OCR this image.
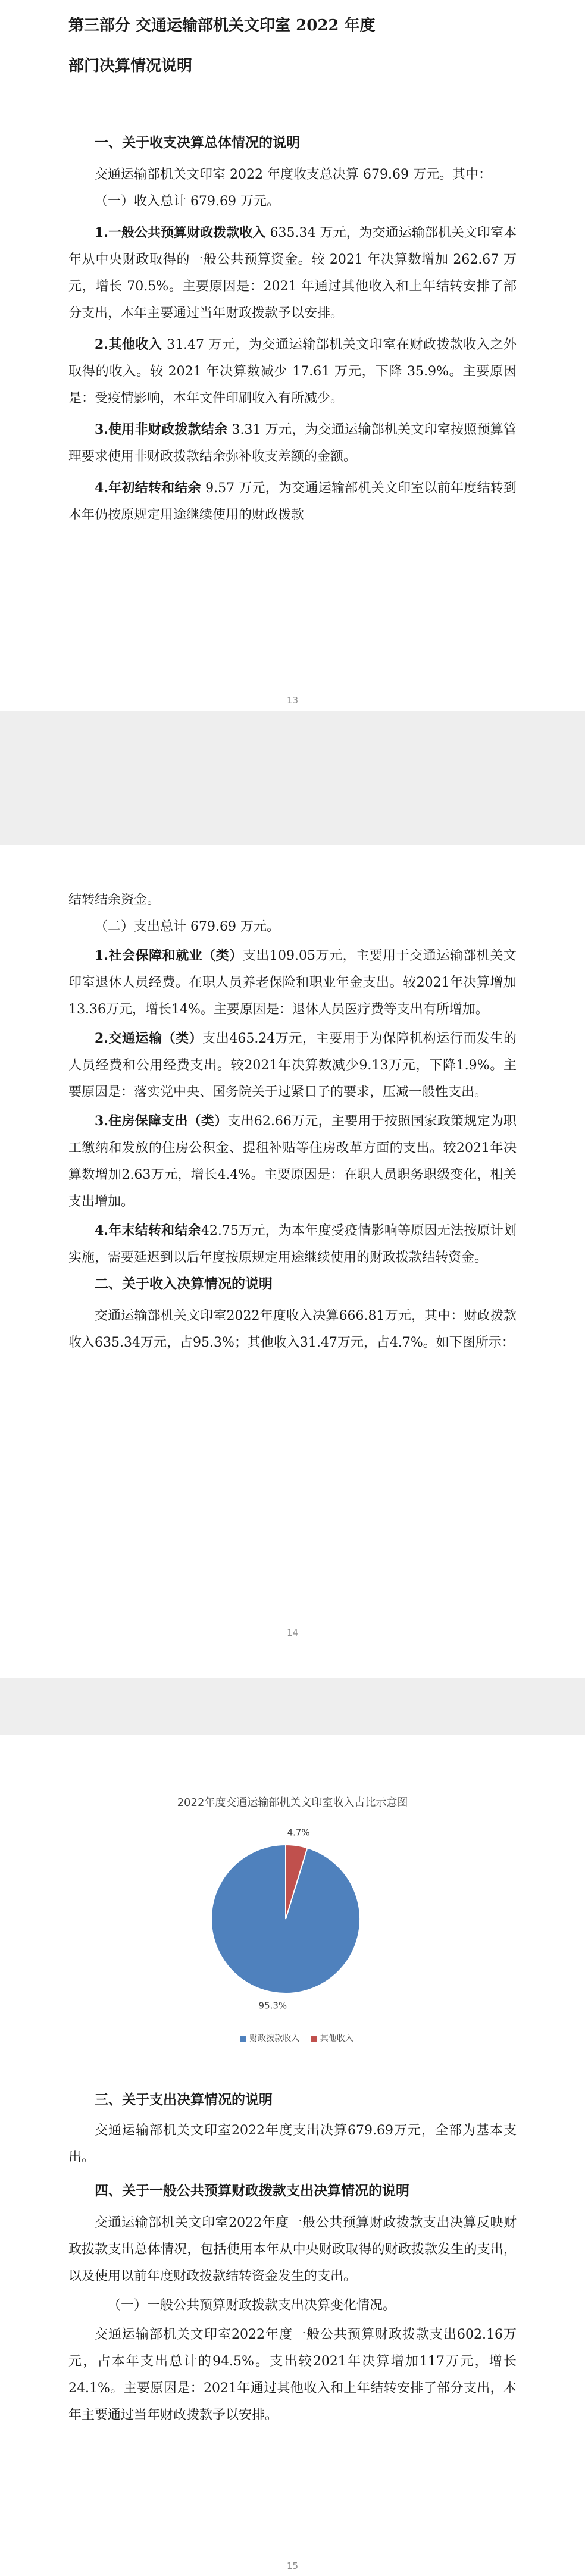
第三部分 交通运输部机关文印室 2022 年度

部门决算情况说明

一、关于收支决算总体情况的说明

交通运输部机关文印室 2022 年度收支总决算 679.69 万元。其中：

（一）收入总计 679.69 万元。

1.一般公共预算财政拨款收入 635.34 万元，为交通运输部机关文印室本年从中央财政取得的一般公共预算资金。较 2021 年决算数增加 262.67 万元，增长 70.5%。主要原因是：2021 年通过其他收入和上年结转安排了部分支出，本年主要通过当年财政拨款予以安排。

2.其他收入 31.47 万元，为交通运输部机关文印室在财政拨款收入之外取得的收入。较 2021 年决算数减少 17.61 万元，下降 35.9%。主要原因是：受疫情影响，本年文件印刷收入有所减少。

3.使用非财政拨款结余 3.31 万元，为交通运输部机关文印室按照预算管理要求使用非财政拨款结余弥补收支差额的金额。

4.年初结转和结余 9.57 万元，为交通运输部机关文印室以前年度结转到本年仍按原规定用途继续使用的财政拨款

13

结转结余资金。

（二）支出总计 679.69 万元。

1.社会保障和就业（类）支出109.05万元，主要用于交通运输部机关文印室退休人员经费。在职人员养老保险和职业年金支出。较2021年决算增加13.36万元，增长14%。主要原因是：退休人员医疗费等支出有所增加。

2.交通运输（类）支出465.24万元，主要用于为保障机构运行而发生的人员经费和公用经费支出。较2021年决算数减少9.13万元，下降1.9%。主要原因是：落实党中央、国务院关于过紧日子的要求，压减一般性支出。

3.住房保障支出（类）支出62.66万元，主要用于按照国家政策规定为职工缴纳和发放的住房公积金、提租补贴等住房改革方面的支出。较2021年决算数增加2.63万元，增长4.4%。主要原因是：在职人员职务职级变化，相关支出增加。

4.年末结转和结余42.75万元，为本年度受疫情影响等原因无法按原计划实施，需要延迟到以后年度按原规定用途继续使用的财政拨款结转资金。

二、关于收入决算情况的说明

交通运输部机关文印室2022年度收入决算666.81万元，其中：财政拨款收入635.34万元，占95.3%；其他收入31.47万元，占4.7%。如下图所示：

14
2022年度交通运输部机关文印室收入占比示意图
95.3%
4.7%
财政拨款收入 其他收入

三、关于支出决算情况的说明

交通运输部机关文印室2022年度支出决算679.69万元，全部为基本支出。

四、关于一般公共预算财政拨款支出决算情况的说明

交通运输部机关文印室2022年度一般公共预算财政拨款支出决算反映财政拨款支出总体情况，包括使用本年从中央财政取得的财政拨款发生的支出，以及使用以前年度财政拨款结转资金发生的支出。

（一）一般公共预算财政拨款支出决算变化情况。

交通运输部机关文印室2022年度一般公共预算财政拨款支出602.16万元，占本年支出总计的94.5%。支出较2021年决算增加117万元，增长24.1%。主要原因是：2021年通过其他收入和上年结转安排了部分支出，本年主要通过当年财政拨款予以安排。

15
